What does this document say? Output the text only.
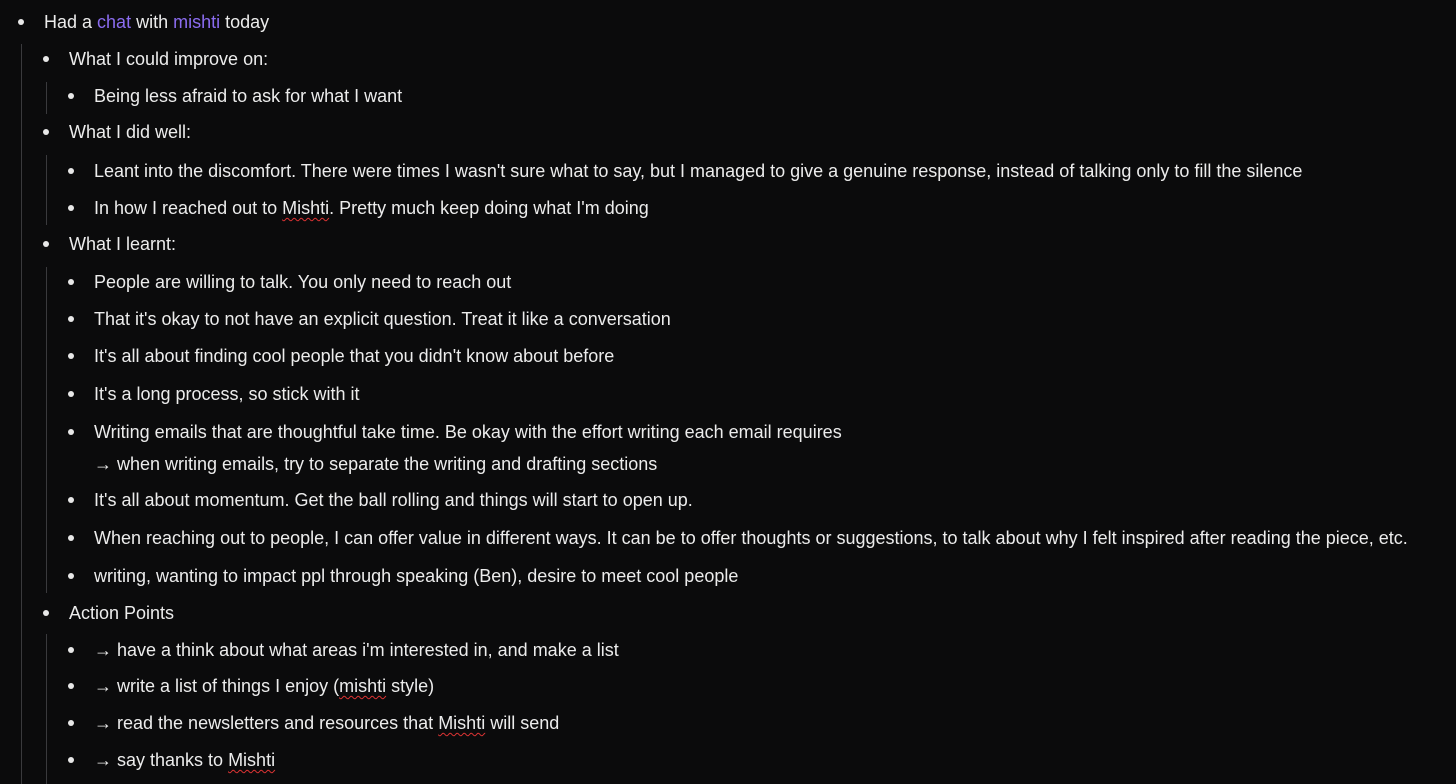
Had a chat with mishti today
What I could improve on:
Being less afraid to ask for what I want
What I did well:
Leant into the discomfort. There were times I wasn't sure what to say, but I managed to give a genuine response, instead of talking only to fill the silence
In how I reached out to Mishti. Pretty much keep doing what I'm doing
What I learnt:
People are willing to talk. You only need to reach out
That it's okay to not have an explicit question. Treat it like a conversation
It's all about finding cool people that you didn't know about before
It's a long process, so stick with it
Writing emails that are thoughtful take time. Be okay with the effort writing each email requires
→ when writing emails, try to separate the writing and drafting sections
It's all about momentum. Get the ball rolling and things will start to open up.
When reaching out to people, I can offer value in different ways. It can be to offer thoughts or suggestions, to talk about why I felt inspired after reading the piece, etc.
writing, wanting to impact ppl through speaking (Ben), desire to meet cool people
Action Points
→ have a think about what areas i'm interested in, and make a list
→ write a list of things I enjoy (mishti style)
→ read the newsletters and resources that Mishti will send
→ say thanks to Mishti
